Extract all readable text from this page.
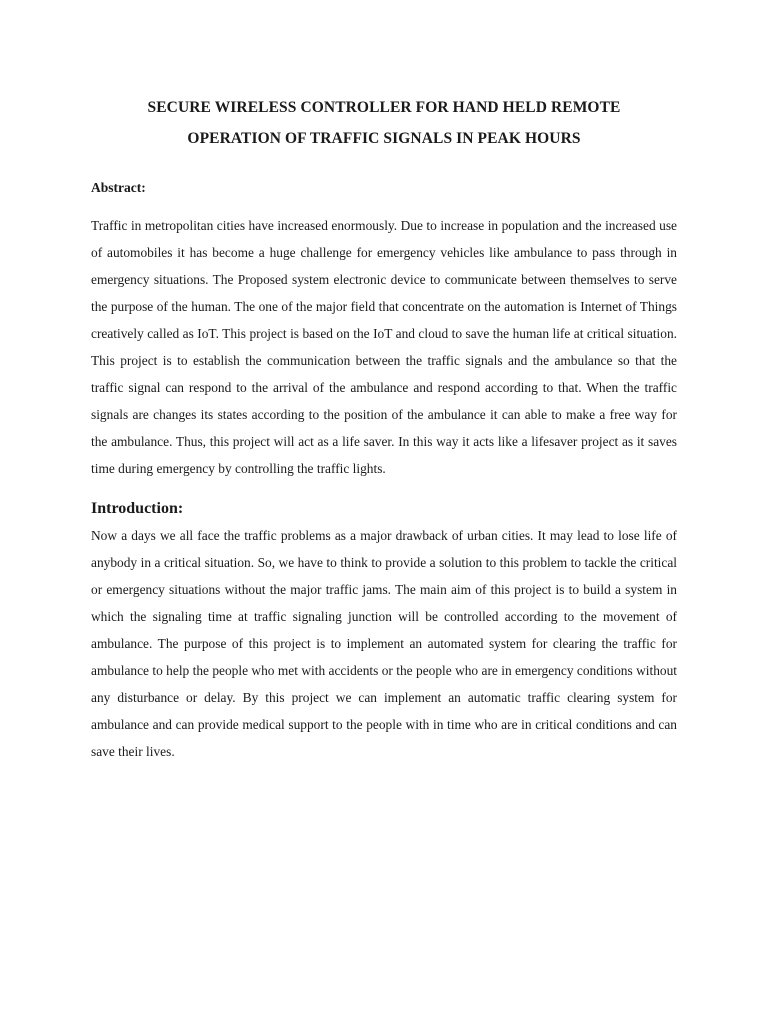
SECURE WIRELESS CONTROLLER FOR HAND HELD REMOTE
OPERATION OF TRAFFIC SIGNALS IN PEAK HOURS
Abstract:

Traffic in metropolitan cities have increased enormously. Due to increase in population and the increased use of automobiles it has become a huge challenge for emergency vehicles like ambulance to pass through in emergency situations. The Proposed system electronic device to communicate between themselves to serve the purpose of the human. The one of the major field that concentrate on the automation is Internet of Things creatively called as IoT. This project is based on the IoT and cloud to save the human life at critical situation. This project is to establish the communication between the traffic signals and the ambulance so that the traffic signal can respond to the arrival of the ambulance and respond according to that. When the traffic signals are changes its states according to the position of the ambulance it can able to make a free way for the ambulance. Thus, this project will act as a life saver. In this way it acts like a lifesaver project as it saves time during emergency by controlling the traffic lights.

Introduction:

Now a days we all face the traffic problems as a major drawback of urban cities. It may lead to lose life of anybody in a critical situation. So, we have to think to provide a solution to this problem to tackle the critical or emergency situations without the major traffic jams. The main aim of this project is to build a system in which the signaling time at traffic signaling junction will be controlled according to the movement of ambulance. The purpose of this project is to implement an automated system for clearing the traffic for ambulance to help the people who met with accidents or the people who are in emergency conditions without any disturbance or delay. By this project we can implement an automatic traffic clearing system for ambulance and can provide medical support to the people with in time who are in critical conditions and can save their lives.
